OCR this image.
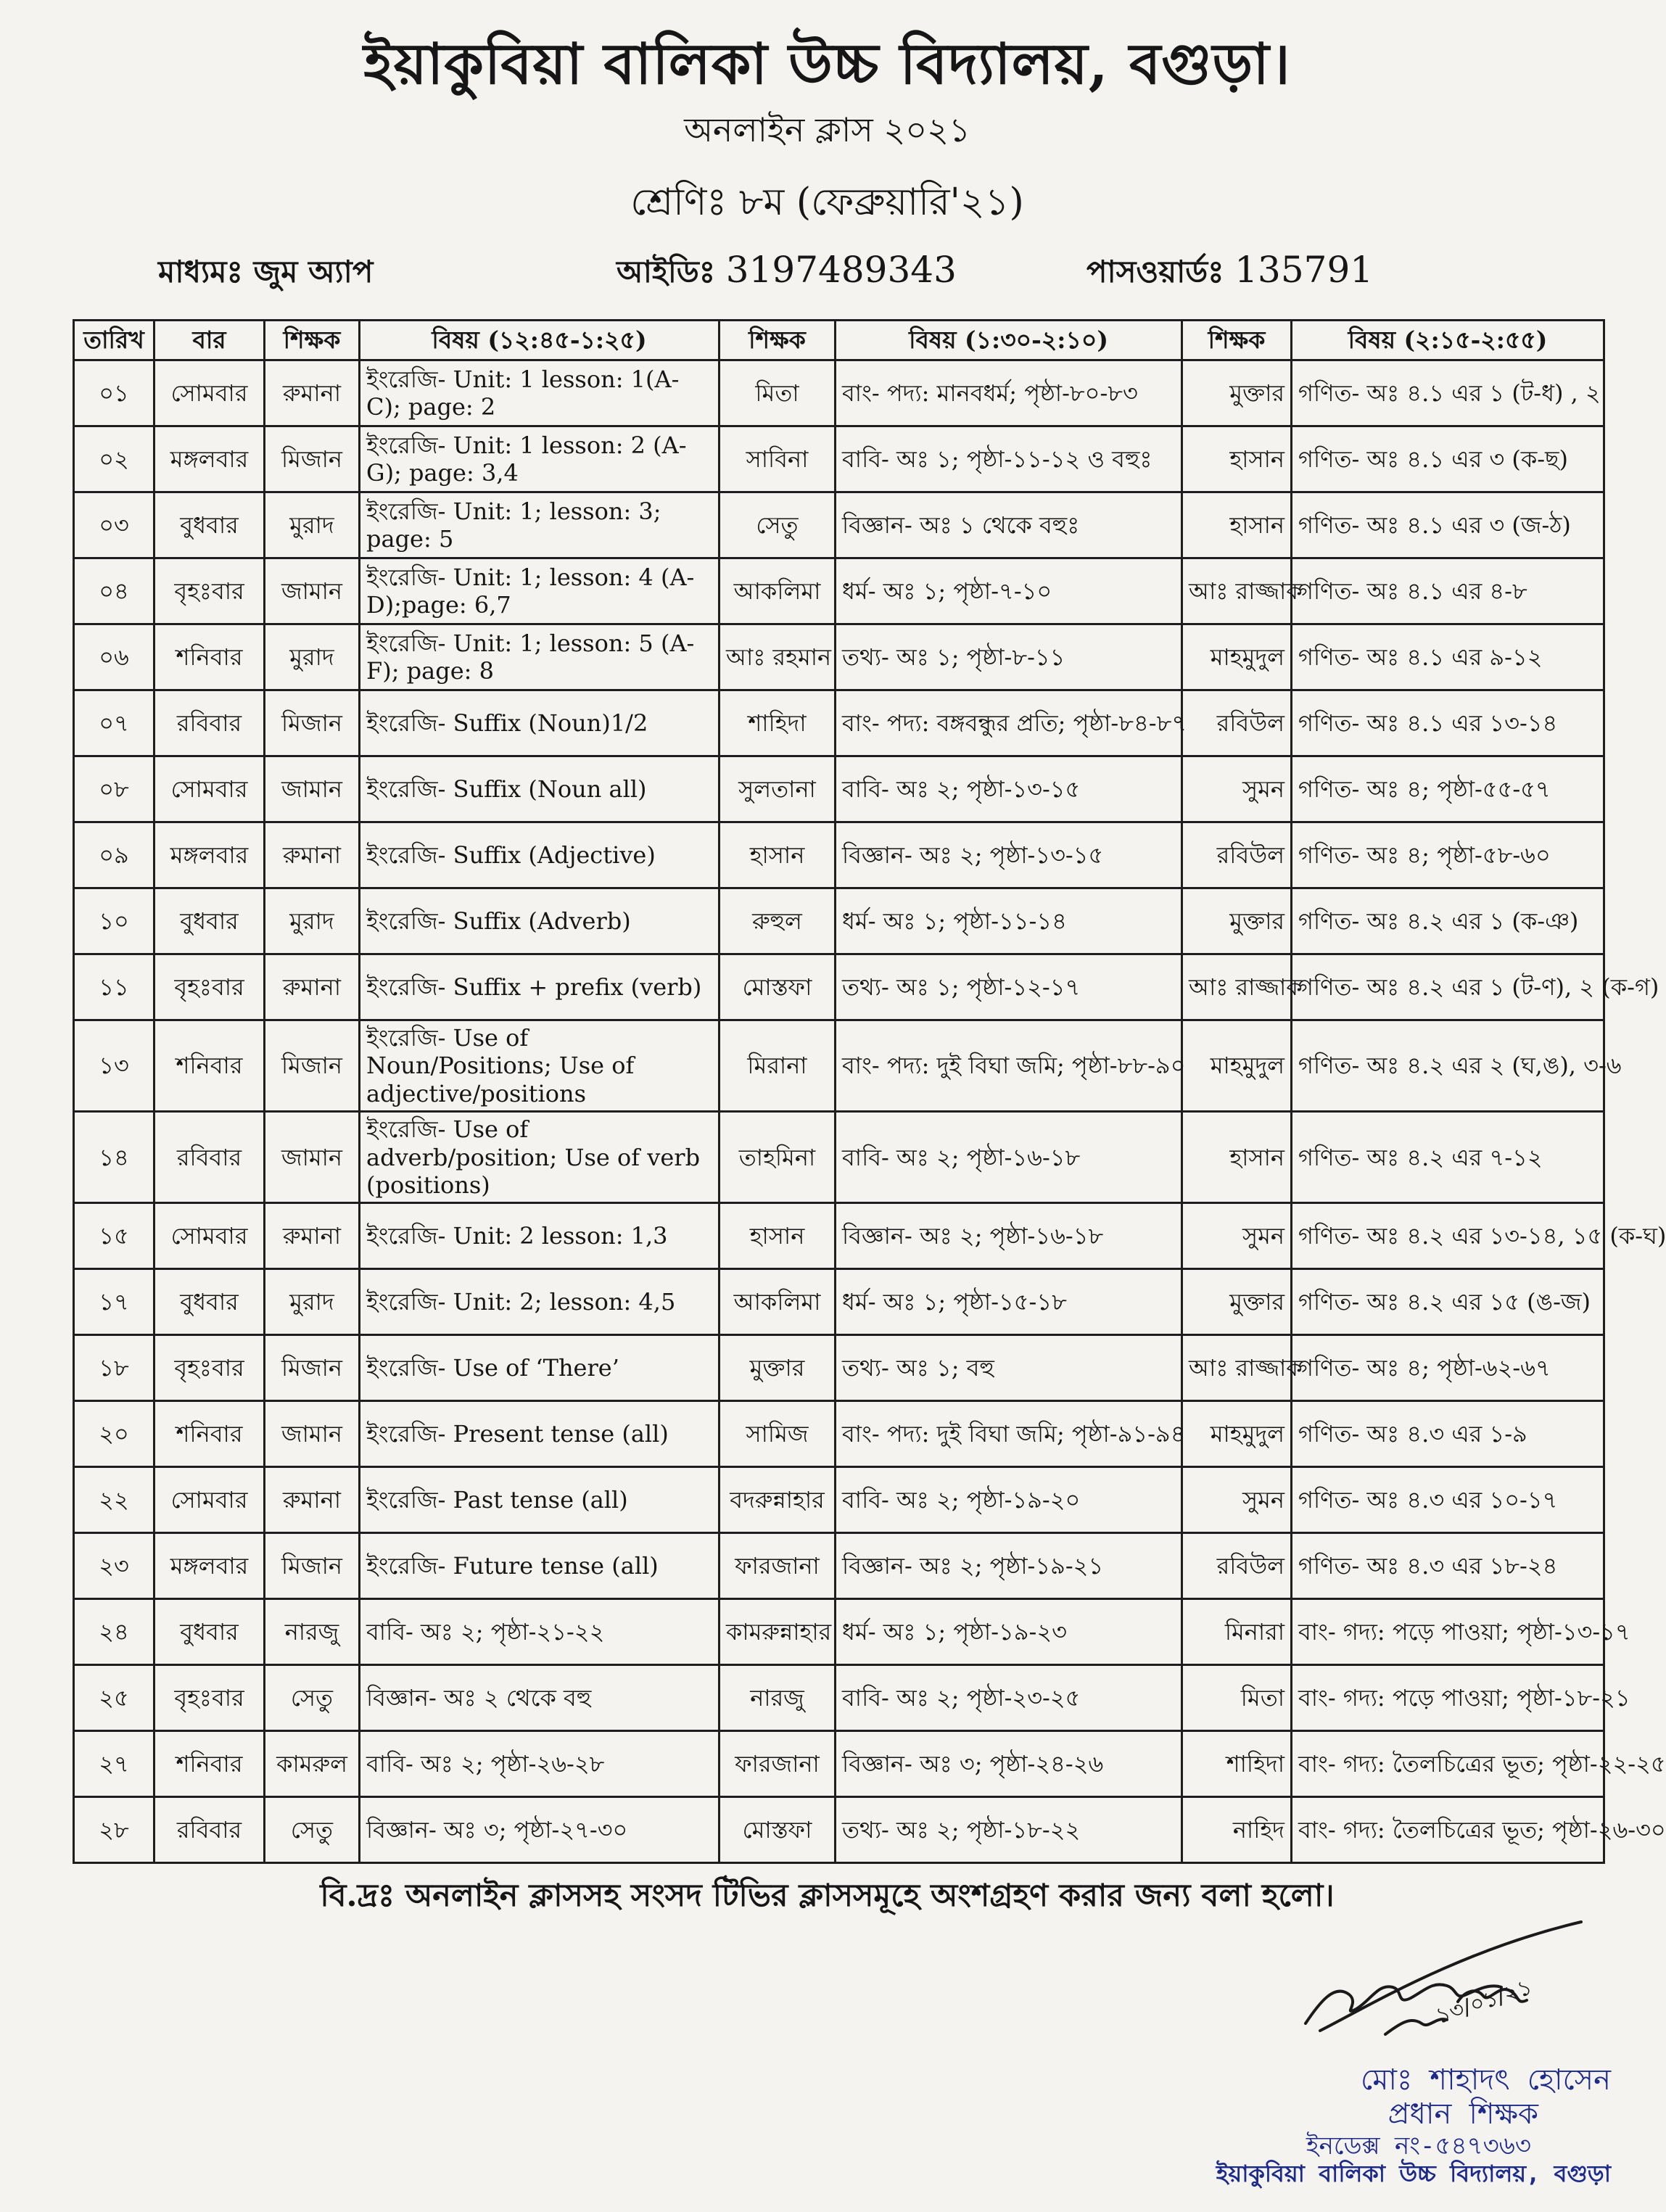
ইয়াকুবিয়া বালিকা উচ্চ বিদ্যালয়, বগুড়া।
অনলাইন ক্লাস ২০২১
শ্রেণিঃ ৮ম (ফেব্রুয়ারি'২১)
মাধ্যমঃ জুম অ্যাপ	আইডিঃ 3197489343	পাসওয়ার্ডঃ 135791
তারিখ	বার	শিক্ষক	বিষয় (১২:৪৫-১:২৫)	শিক্ষক	বিষয় (১:৩০-২:১০)	শিক্ষক	বিষয় (২:১৫-২:৫৫)
০১	সোমবার	রুমানা	ইংরেজি- Unit: 1 lesson: 1(A-C); page: 2	মিতা	বাং- পদ্য: মানবধর্ম; পৃষ্ঠা-৮০-৮৩	মুক্তার	গণিত- অঃ ৪.১ এর ১ (ট-ধ) , ২
০২	মঙ্গলবার	মিজান	ইংরেজি- Unit: 1 lesson: 2 (A-G); page: 3,4	সাবিনা	বাবি- অঃ ১; পৃষ্ঠা-১১-১২ ও বহুঃ	হাসান	গণিত- অঃ ৪.১ এর ৩ (ক-ছ)
০৩	বুধবার	মুরাদ	ইংরেজি- Unit: 1; lesson: 3; page: 5	সেতু	বিজ্ঞান- অঃ ১ থেকে বহুঃ	হাসান	গণিত- অঃ ৪.১ এর ৩ (জ-ঠ)
০৪	বৃহঃবার	জামান	ইংরেজি- Unit: 1; lesson: 4 (A-D);page: 6,7	আকলিমা	ধর্ম- অঃ ১; পৃষ্ঠা-৭-১০	আঃ রাজ্জাক	গণিত- অঃ ৪.১ এর ৪-৮
০৬	শনিবার	মুরাদ	ইংরেজি- Unit: 1; lesson: 5 (A-F); page: 8	আঃ রহমান	তথ্য- অঃ ১; পৃষ্ঠা-৮-১১	মাহমুদুল	গণিত- অঃ ৪.১ এর ৯-১২
০৭	রবিবার	মিজান	ইংরেজি- Suffix (Noun)1/2	শাহিদা	বাং- পদ্য: বঙ্গবন্ধুর প্রতি; পৃষ্ঠা-৮৪-৮৭	রবিউল	গণিত- অঃ ৪.১ এর ১৩-১৪
০৮	সোমবার	জামান	ইংরেজি- Suffix (Noun all)	সুলতানা	বাবি- অঃ ২; পৃষ্ঠা-১৩-১৫	সুমন	গণিত- অঃ ৪; পৃষ্ঠা-৫৫-৫৭
০৯	মঙ্গলবার	রুমানা	ইংরেজি- Suffix (Adjective)	হাসান	বিজ্ঞান- অঃ ২; পৃষ্ঠা-১৩-১৫	রবিউল	গণিত- অঃ ৪; পৃষ্ঠা-৫৮-৬০
১০	বুধবার	মুরাদ	ইংরেজি- Suffix (Adverb)	রুহুল	ধর্ম- অঃ ১; পৃষ্ঠা-১১-১৪	মুক্তার	গণিত- অঃ ৪.২ এর ১ (ক-ঞ)
১১	বৃহঃবার	রুমানা	ইংরেজি- Suffix + prefix (verb)	মোস্তফা	তথ্য- অঃ ১; পৃষ্ঠা-১২-১৭	আঃ রাজ্জাক	গণিত- অঃ ৪.২ এর ১ (ট-ণ), ২ (ক-গ)
১৩	শনিবার	মিজান	ইংরেজি- Use of Noun/Positions; Use of adjective/positions	মিরানা	বাং- পদ্য: দুই বিঘা জমি; পৃষ্ঠা-৮৮-৯০	মাহমুদুল	গণিত- অঃ ৪.২ এর ২ (ঘ,ঙ), ৩-৬
১৪	রবিবার	জামান	ইংরেজি- Use of adverb/position; Use of verb (positions)	তাহমিনা	বাবি- অঃ ২; পৃষ্ঠা-১৬-১৮	হাসান	গণিত- অঃ ৪.২ এর ৭-১২
১৫	সোমবার	রুমানা	ইংরেজি- Unit: 2 lesson: 1,3	হাসান	বিজ্ঞান- অঃ ২; পৃষ্ঠা-১৬-১৮	সুমন	গণিত- অঃ ৪.২ এর ১৩-১৪, ১৫ (ক-ঘ)
১৭	বুধবার	মুরাদ	ইংরেজি- Unit: 2; lesson: 4,5	আকলিমা	ধর্ম- অঃ ১; পৃষ্ঠা-১৫-১৮	মুক্তার	গণিত- অঃ ৪.২ এর ১৫ (ঙ-জ)
১৮	বৃহঃবার	মিজান	ইংরেজি- Use of ‘There’	মুক্তার	তথ্য- অঃ ১; বহু	আঃ রাজ্জাক	গণিত- অঃ ৪; পৃষ্ঠা-৬২-৬৭
২০	শনিবার	জামান	ইংরেজি- Present tense (all)	সামিজ	বাং- পদ্য: দুই বিঘা জমি; পৃষ্ঠা-৯১-৯৪	মাহমুদুল	গণিত- অঃ ৪.৩ এর ১-৯
২২	সোমবার	রুমানা	ইংরেজি- Past tense (all)	বদরুন্নাহার	বাবি- অঃ ২; পৃষ্ঠা-১৯-২০	সুমন	গণিত- অঃ ৪.৩ এর ১০-১৭
২৩	মঙ্গলবার	মিজান	ইংরেজি- Future tense (all)	ফারজানা	বিজ্ঞান- অঃ ২; পৃষ্ঠা-১৯-২১	রবিউল	গণিত- অঃ ৪.৩ এর ১৮-২৪
২৪	বুধবার	নারজু	বাবি- অঃ ২; পৃষ্ঠা-২১-২২	কামরুন্নাহার	ধর্ম- অঃ ১; পৃষ্ঠা-১৯-২৩	মিনারা	বাং- গদ্য: পড়ে পাওয়া; পৃষ্ঠা-১৩-১৭
২৫	বৃহঃবার	সেতু	বিজ্ঞান- অঃ ২ থেকে বহু	নারজু	বাবি- অঃ ২; পৃষ্ঠা-২৩-২৫	মিতা	বাং- গদ্য: পড়ে পাওয়া; পৃষ্ঠা-১৮-২১
২৭	শনিবার	কামরুল	বাবি- অঃ ২; পৃষ্ঠা-২৬-২৮	ফারজানা	বিজ্ঞান- অঃ ৩; পৃষ্ঠা-২৪-২৬	শাহিদা	বাং- গদ্য: তৈলচিত্রের ভূত; পৃষ্ঠা-২২-২৫
২৮	রবিবার	সেতু	বিজ্ঞান- অঃ ৩; পৃষ্ঠা-২৭-৩০	মোস্তফা	তথ্য- অঃ ২; পৃষ্ঠা-১৮-২২	নাহিদ	বাং- গদ্য: তৈলচিত্রের ভূত; পৃষ্ঠা-২৬-৩০
বি.দ্রঃ অনলাইন ক্লাসসহ সংসদ টিভির ক্লাসসমূহে অংশগ্রহণ করার জন্য বলা হলো।
১৩/০১/২১
মোঃ শাহাদৎ হোসেন
প্রধান শিক্ষক
ইনডেক্স নং-৫৪৭৩৬৩
ইয়াকুবিয়া বালিকা উচ্চ বিদ্যালয়, বগুড়া
